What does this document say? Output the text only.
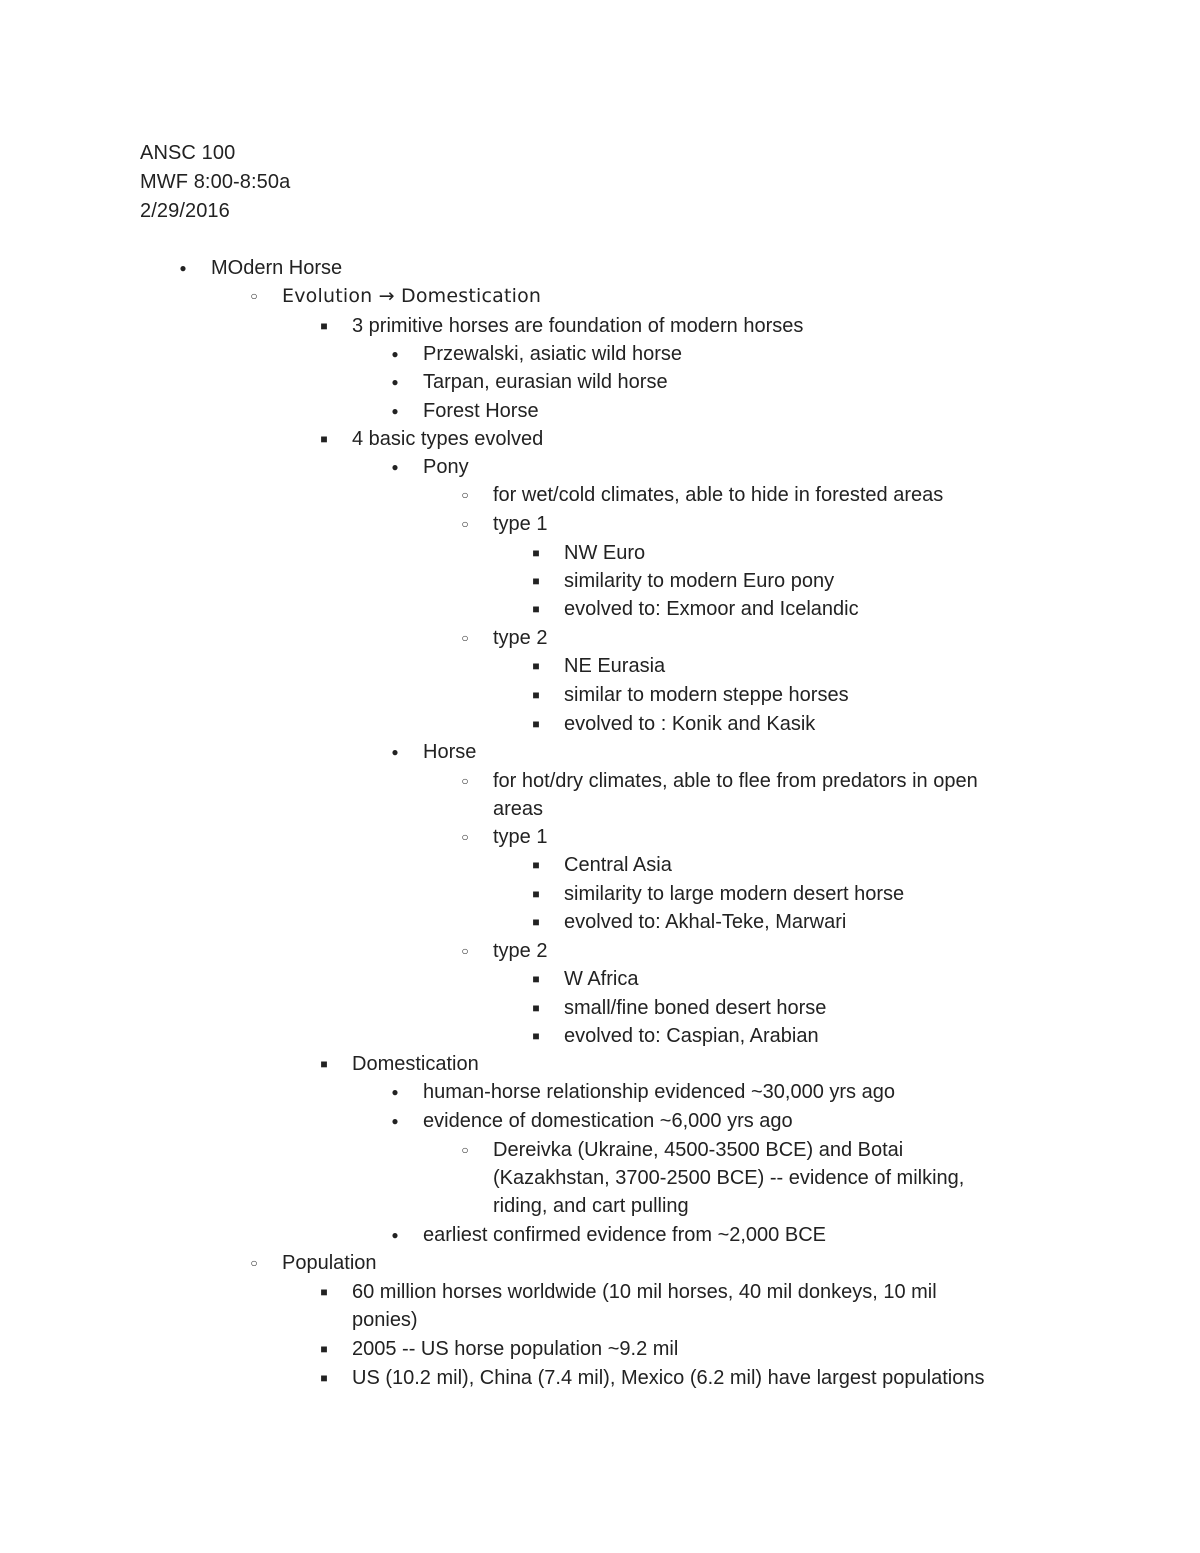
ANSC 100
MWF 8:00-8:50a
2/29/2016
●	MOdern Horse
○	Evolution → Domestication
■	3 primitive horses are foundation of modern horses
●	Przewalski, asiatic wild horse
●	Tarpan, eurasian wild horse
●	Forest Horse
■	4 basic types evolved
●	Pony
○	for wet/cold climates, able to hide in forested areas
○	type 1
■	NW Euro
■	similarity to modern Euro pony
■	evolved to: Exmoor and Icelandic
○	type 2
■	NE Eurasia
■	similar to modern steppe horses
■	evolved to : Konik and Kasik
●	Horse
○	for hot/dry climates, able to flee from predators in open
areas
○	type 1
■	Central Asia
■	similarity to large modern desert horse
■	evolved to: Akhal-Teke, Marwari
○	type 2
■	W Africa
■	small/fine boned desert horse
■	evolved to: Caspian, Arabian
■	Domestication
●	human-horse relationship evidenced ~30,000 yrs ago
●	evidence of domestication ~6,000 yrs ago
○	Dereivka (Ukraine, 4500-3500 BCE) and Botai
(Kazakhstan, 3700-2500 BCE) -- evidence of milking,
riding, and cart pulling
●	earliest confirmed evidence from ~2,000 BCE
○	Population
■	60 million horses worldwide (10 mil horses, 40 mil donkeys, 10 mil
ponies)
■	2005 -- US horse population ~9.2 mil
■	US (10.2 mil), China (7.4 mil), Mexico (6.2 mil) have largest populations
